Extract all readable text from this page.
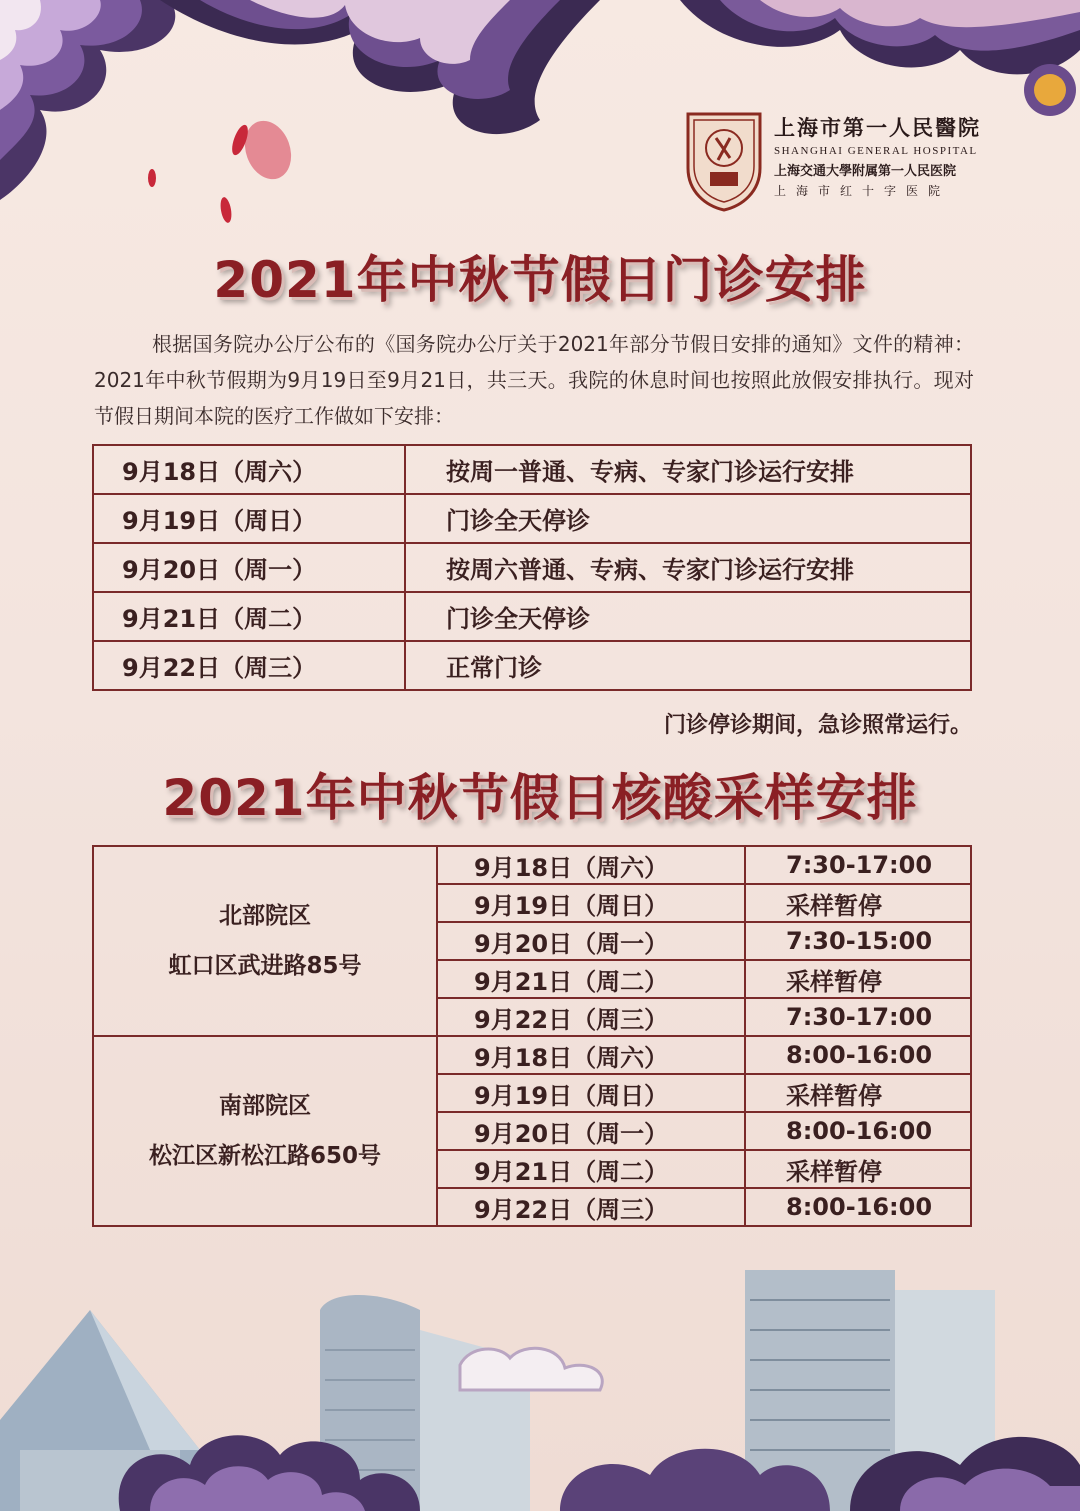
上海市第一人民醫院
SHANGHAI GENERAL HOSPITAL
上海交通大學附属第一人民医院
上海市红十字医院
2021年中秋节假日门诊安排
根据国务院办公厅公布的《国务院办公厅关于2021年部分节假日安排的通知》文件的精神：2021年中秋节假期为9月19日至9月21日，共三天。我院的休息时间也按照此放假安排执行。现对节假日期间本院的医疗工作做如下安排：
9月18日（周六）	按周一普通、专病、专家门诊运行安排
9月19日（周日）	门诊全天停诊
9月20日（周一）	按周六普通、专病、专家门诊运行安排
9月21日（周二）	门诊全天停诊
9月22日（周三）	正常门诊
门诊停诊期间，急诊照常运行。
2021年中秋节假日核酸采样安排
北部院区
虹口区武进路85号	9月18日（周六）	7:30-17:00
	9月19日（周日）	采样暂停
	9月20日（周一）	7:30-15:00
	9月21日（周二）	采样暂停
	9月22日（周三）	7:30-17:00

南部院区
松江区新松江路650号	9月18日（周六）	8:00-16:00
	9月19日（周日）	采样暂停
	9月20日（周一）	8:00-16:00
	9月21日（周二）	采样暂停
	9月22日（周三）	8:00-16:00
